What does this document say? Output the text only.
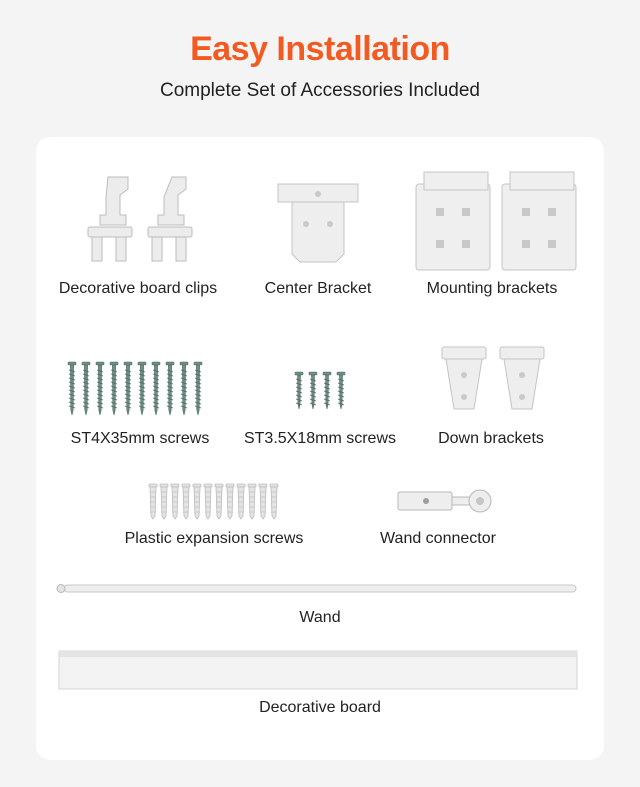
Easy Installation
Complete Set of Accessories Included
Decorative board clips	Center Bracket	Mounting brackets
ST4X35mm screws	ST3.5X18mm screws	Down brackets
Plastic expansion screws	Wand connector
Wand
Decorative board
